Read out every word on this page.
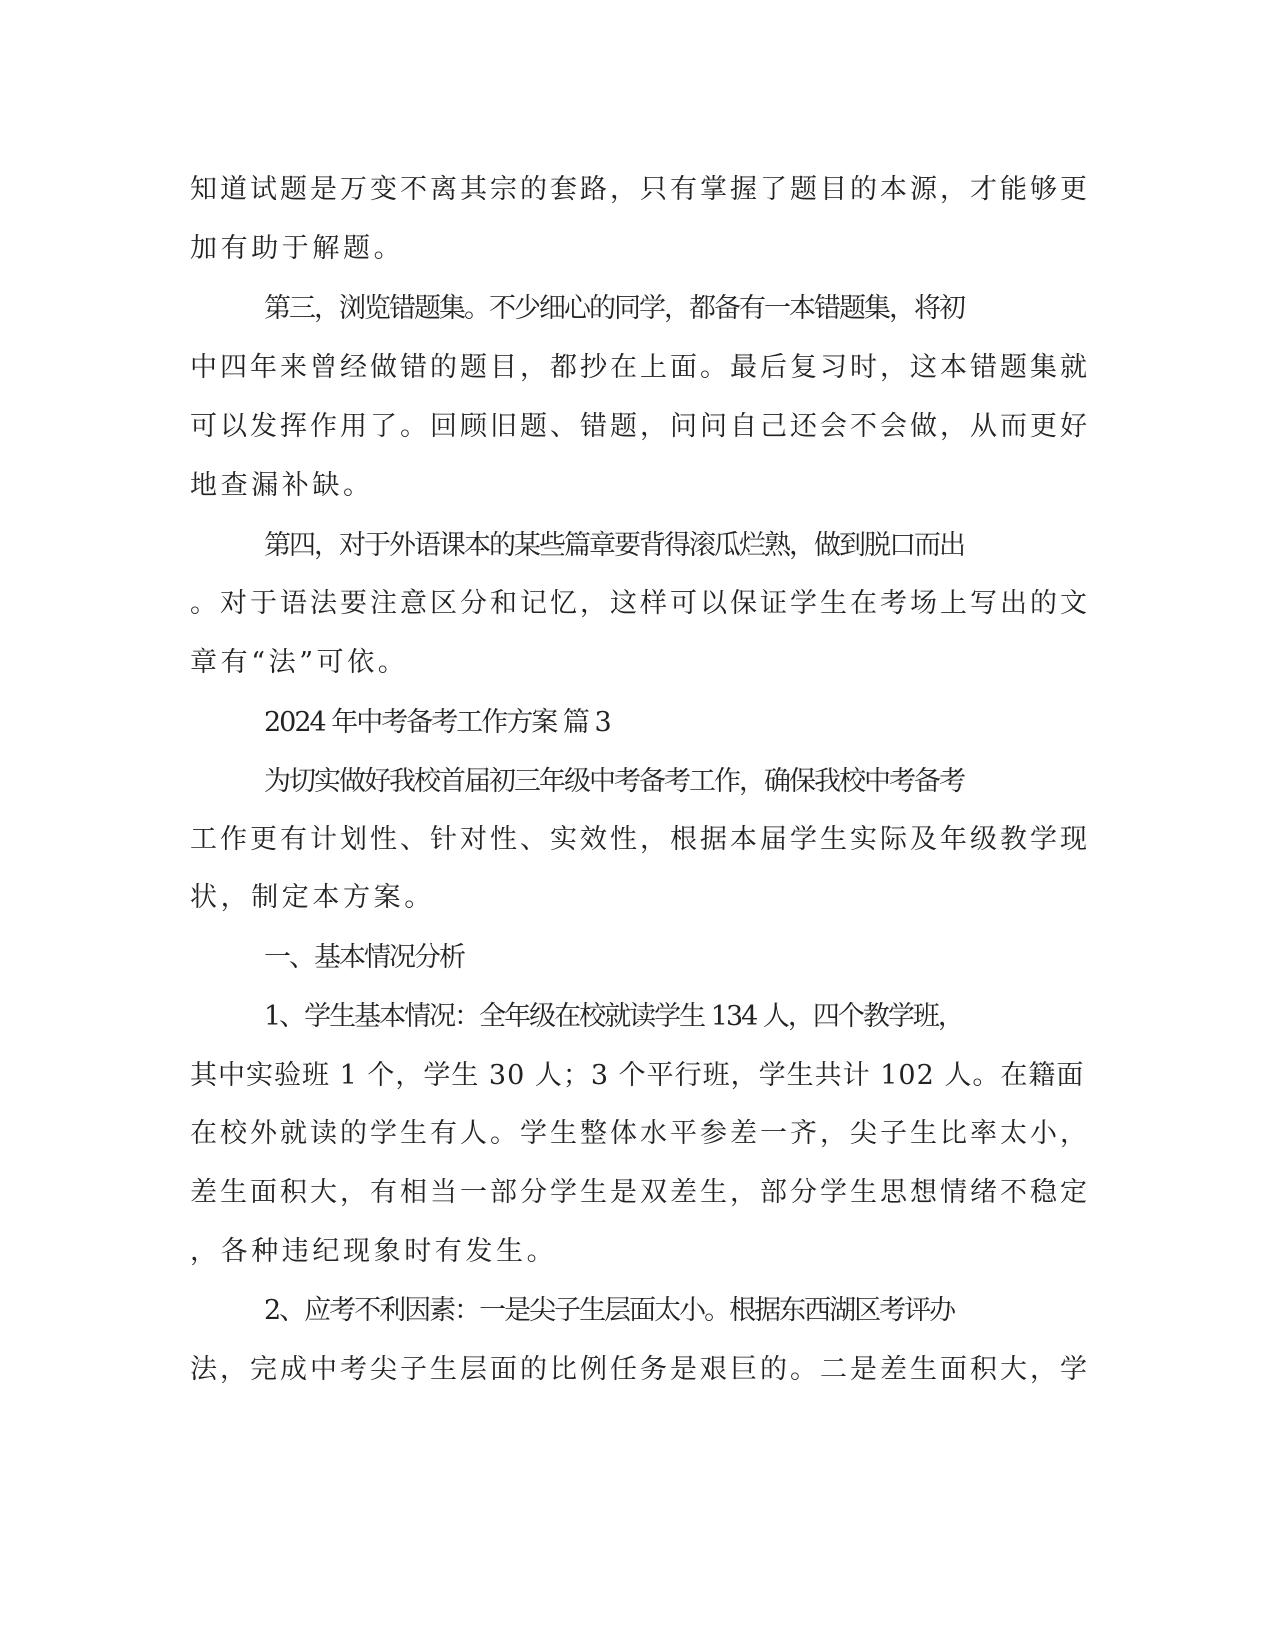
知道试题是万变不离其宗的套路，只有掌握了题目的本源，才能够更

加有助于解题。

第三，浏览错题集。不少细心的同学，都备有一本错题集，将初

中四年来曾经做错的题目，都抄在上面。最后复习时，这本错题集就

可以发挥作用了。回顾旧题、错题，问问自己还会不会做，从而更好

地查漏补缺。

第四，对于外语课本的某些篇章要背得滚瓜烂熟，做到脱口而出

。对于语法要注意区分和记忆，这样可以保证学生在考场上写出的文

章有“法”可依。

2024 年中考备考工作方案 篇 3

为切实做好我校首届初三年级中考备考工作，确保我校中考备考

工作更有计划性、针对性、实效性，根据本届学生实际及年级教学现

状，制定本方案。

一、基本情况分析

1、学生基本情况：全年级在校就读学生 134 人，四个教学班，

其中实验班 1 个，学生 30 人；3 个平行班，学生共计 102 人。在籍面

在校外就读的学生有人。学生整体水平参差一齐，尖子生比率太小，

差生面积大，有相当一部分学生是双差生，部分学生思想情绪不稳定

，各种违纪现象时有发生。

2、应考不利因素：一是尖子生层面太小。根据东西湖区考评办

法，完成中考尖子生层面的比例任务是艰巨的。二是差生面积大，学
